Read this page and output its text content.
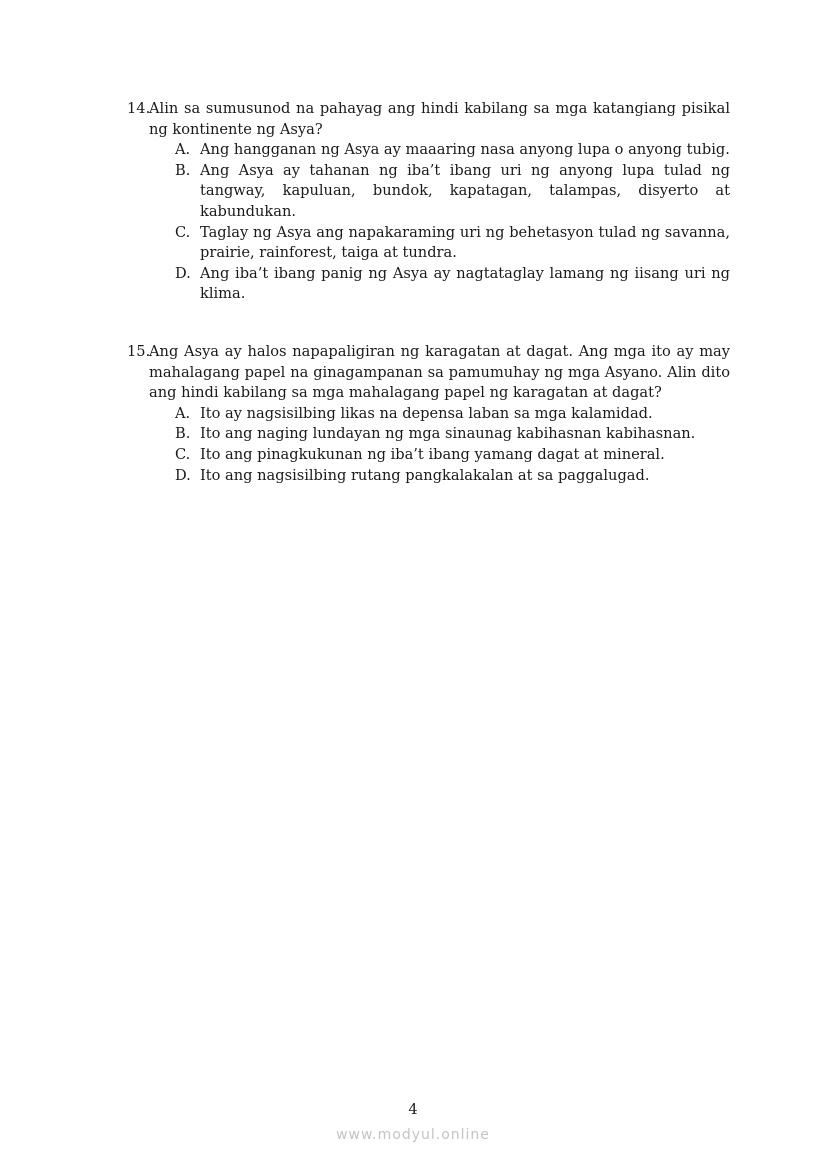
14.
Alin sa sumusunod na pahayag ang hindi kabilang sa mga katangiang pisikal ng kontinente ng Asya?
A. Ang hangganan ng Asya ay maaaring nasa anyong lupa o anyong tubig.
B. Ang Asya ay tahanan ng iba’t ibang uri ng anyong lupa tulad ng tangway, kapuluan, bundok, kapatagan, talampas, disyerto at kabundukan.
C. Taglay ng Asya ang napakaraming uri ng behetasyon tulad ng savanna, prairie, rainforest, taiga at tundra.
D. Ang iba’t ibang panig ng Asya ay nagtataglay lamang ng iisang uri ng klima.
15.
Ang Asya ay halos napapaligiran ng karagatan at dagat. Ang mga ito ay may mahalagang papel na ginagampanan sa pamumuhay ng mga Asyano. Alin dito ang hindi kabilang sa mga mahalagang papel ng karagatan at dagat?
A. Ito ay nagsisilbing likas na depensa laban sa mga kalamidad.
B. Ito ang naging lundayan ng mga sinaunag kabihasnan kabihasnan.
C. Ito ang pinagkukunan ng iba’t ibang yamang dagat at mineral.
D. Ito ang nagsisilbing rutang pangkalakalan at sa paggalugad.
4
www.modyul.online
